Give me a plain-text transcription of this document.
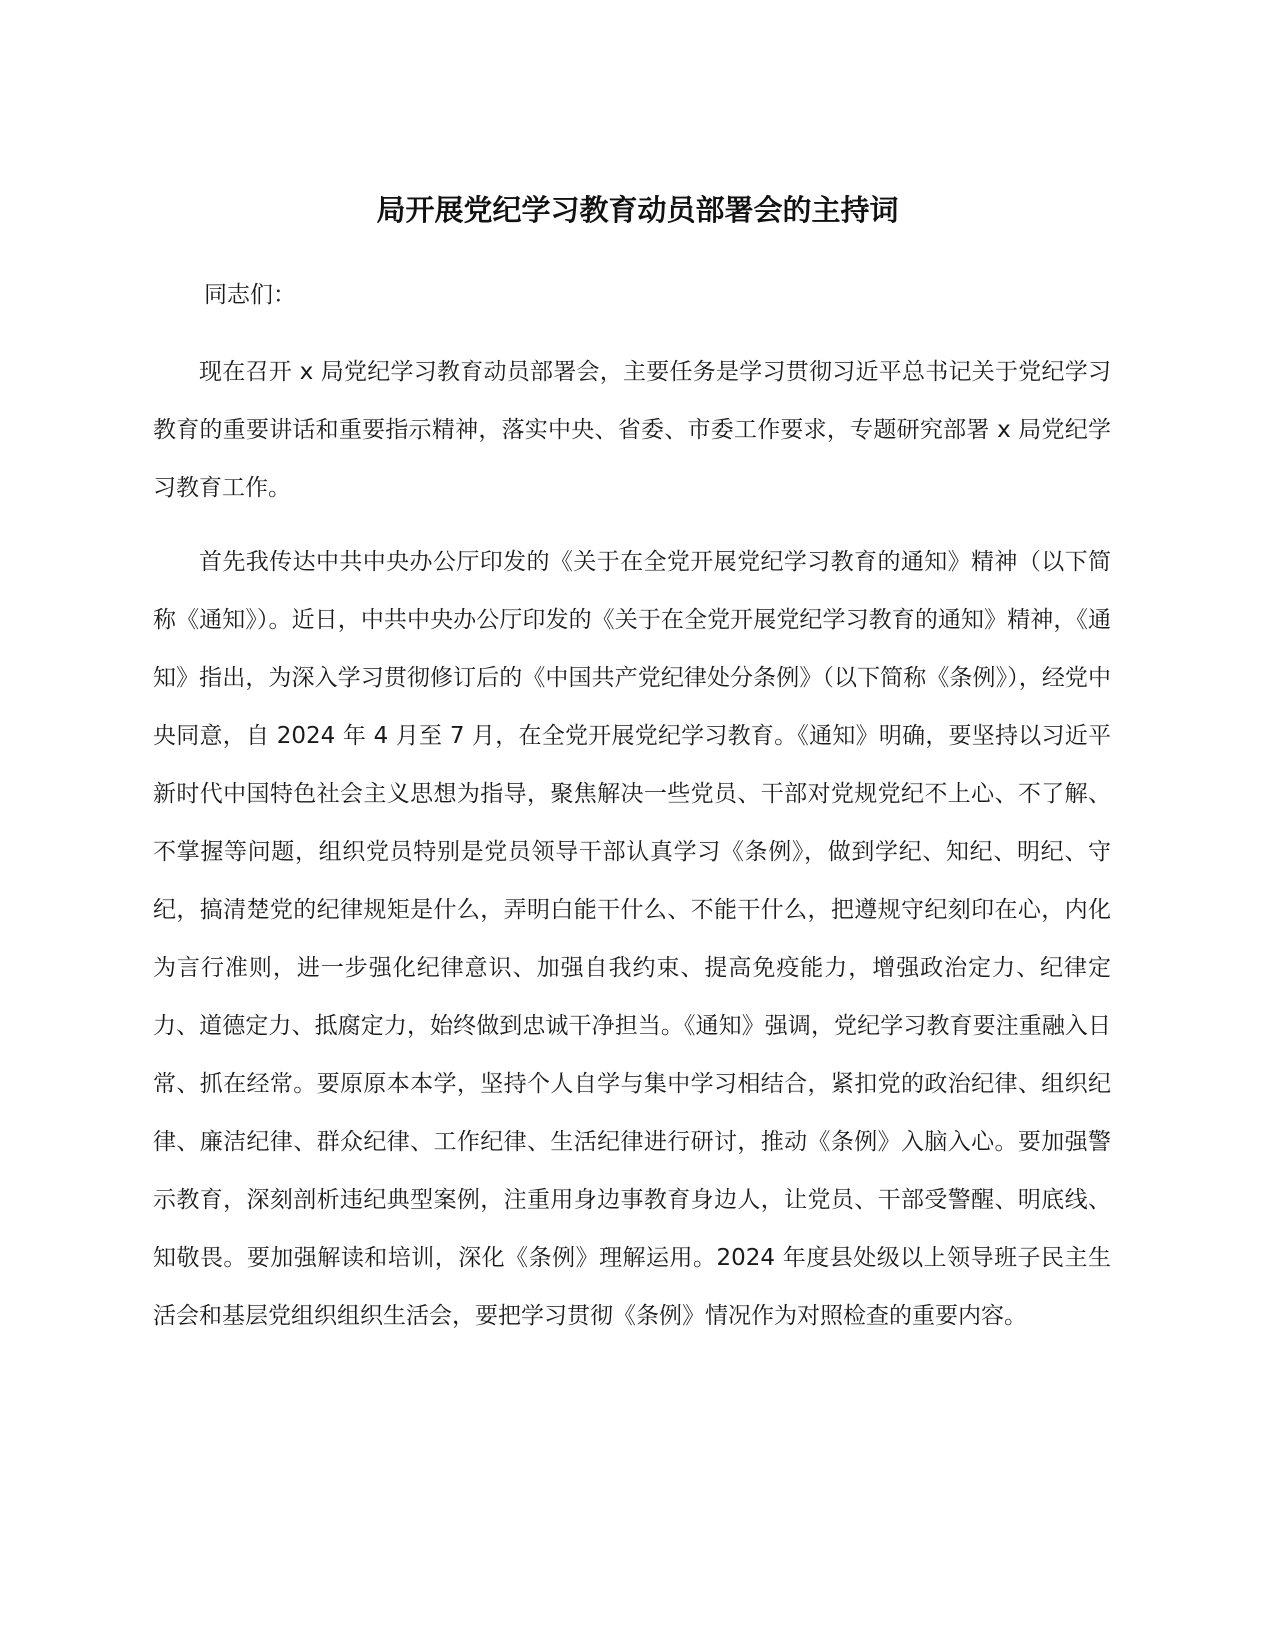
局开展党纪学习教育动员部署会的主持词

同志们：

现在召开 x 局党纪学习教育动员部署会，主要任务是学习贯彻习近平总书记关于党纪学习教育的重要讲话和重要指示精神，落实中央、省委、市委工作要求，专题研究部署 x 局党纪学习教育工作。

首先我传达中共中央办公厅印发的《关于在全党开展党纪学习教育的通知》精神（以下简称《通知》）。近日，中共中央办公厅印发的《关于在全党开展党纪学习教育的通知》精神，《通知》指出，为深入学习贯彻修订后的《中国共产党纪律处分条例》（以下简称《条例》），经党中央同意，自 2024 年 4 月至 7 月，在全党开展党纪学习教育。《通知》明确，要坚持以习近平新时代中国特色社会主义思想为指导，聚焦解决一些党员、干部对党规党纪不上心、不了解、不掌握等问题，组织党员特别是党员领导干部认真学习《条例》，做到学纪、知纪、明纪、守纪，搞清楚党的纪律规矩是什么，弄明白能干什么、不能干什么，把遵规守纪刻印在心，内化为言行准则，进一步强化纪律意识、加强自我约束、提高免疫能力，增强政治定力、纪律定力、道德定力、抵腐定力，始终做到忠诚干净担当。《通知》强调，党纪学习教育要注重融入日常、抓在经常。要原原本本学，坚持个人自学与集中学习相结合，紧扣党的政治纪律、组织纪律、廉洁纪律、群众纪律、工作纪律、生活纪律进行研讨，推动《条例》入脑入心。要加强警示教育，深刻剖析违纪典型案例，注重用身边事教育身边人，让党员、干部受警醒、明底线、知敬畏。要加强解读和培训，深化《条例》理解运用。2024 年度县处级以上领导班子民主生活会和基层党组织组织生活会，要把学习贯彻《条例》情况作为对照检查的重要内容。
